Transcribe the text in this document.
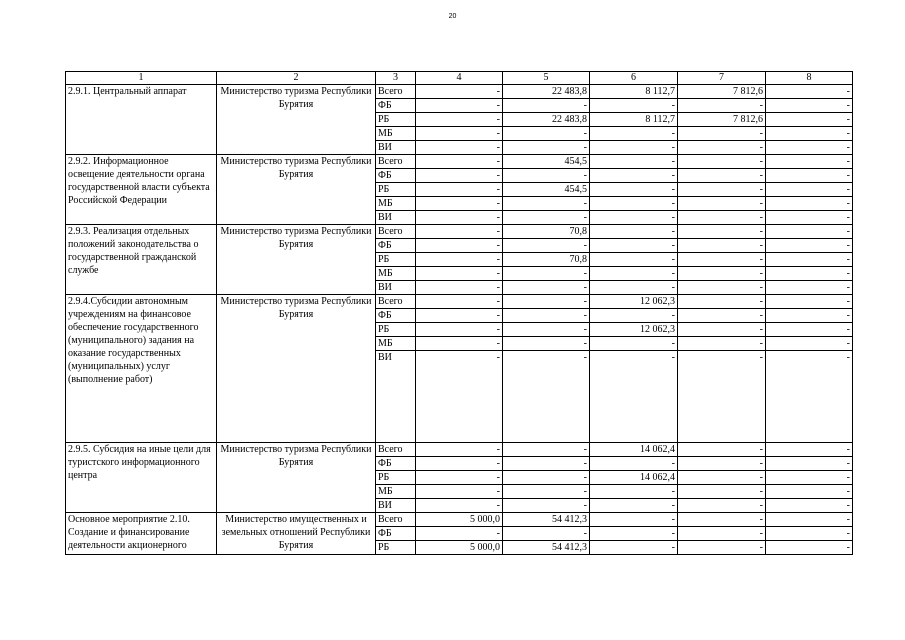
20
1	2	3	4	5	6	7	8
2.9.1. Центральный аппарат	Министерство туризма Республики Бурятия	Всего	-	22 483,8	8 112,7	7 812,6	-
		ФБ	-	-	-	-	-
		РБ	-	22 483,8	8 112,7	7 812,6	-
		МБ	-	-	-	-	-
		ВИ	-	-	-	-	-
2.9.2. Информационное освещение деятельности органа государственной власти субъекта Российской Федерации	Министерство туризма Республики Бурятия	Всего	-	454,5	-	-	-
		ФБ	-	-	-	-	-
		РБ	-	454,5	-	-	-
		МБ	-	-	-	-	-
		ВИ	-	-	-	-	-
2.9.3. Реализация отдельных положений законодательства о государственной гражданской службе	Министерство туризма Республики Бурятия	Всего	-	70,8	-	-	-
		ФБ	-	-	-	-	-
		РБ	-	70,8	-	-	-
		МБ	-	-	-	-	-
		ВИ	-	-	-	-	-
2.9.4.Субсидии автономным учреждениям на финансовое обеспечение государственного (муниципального) задания на оказание государственных (муниципальных) услуг (выполнение работ)	Министерство туризма Республики Бурятия	Всего	-	-	12 062,3	-	-
		ФБ	-	-	-	-	-
		РБ	-	-	12 062,3	-	-
		МБ	-	-	-	-	-
		ВИ	-	-	-	-	-
2.9.5. Субсидия на иные цели для туристского информационного центра	Министерство туризма Республики Бурятия	Всего	-	-	14 062,4	-	-
		ФБ	-	-	-	-	-
		РБ	-	-	14 062,4	-	-
		МБ	-	-	-	-	-
		ВИ	-	-	-	-	-
Основное мероприятие 2.10. Создание и финансирование деятельности акционерного	Министерство имущественных и земельных отношений Республики Бурятия	Всего	5 000,0	54 412,3	-	-	-
		ФБ	-	-	-	-	-
		РБ	5 000,0	54 412,3	-	-	-
